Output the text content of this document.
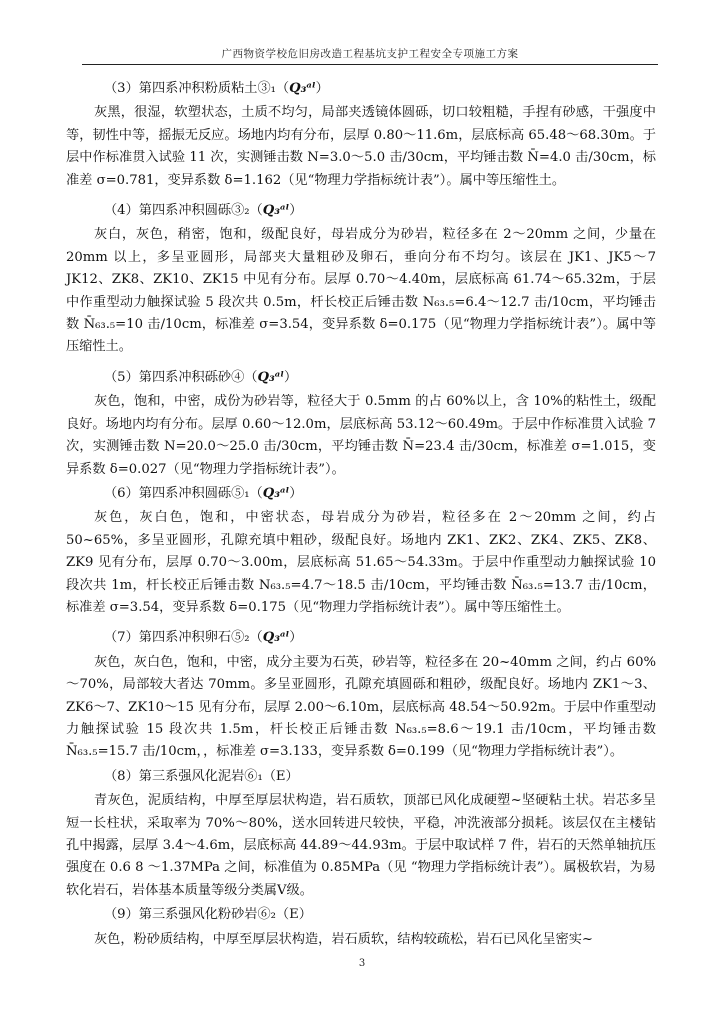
广西物资学校危旧房改造工程基坑支护工程安全专项施工方案

（3）第四系冲积粉质粘土③₁（Q₃ᵃˡ）

灰黑，很湿，软塑状态，土质不均匀，局部夹透镜体圆砾，切口较粗糙，手捏有砂感，干强度中等，韧性中等，摇振无反应。场地内均有分布，层厚 0.80～11.6m，层底标高 65.48～68.30m。于层中作标准贯入试验 11 次，实测锤击数 N=3.0～5.0 击/30cm，平均锤击数 N̄=4.0 击/30cm，标准差 σ=0.781，变异系数 δ=1.162（见“物理力学指标统计表”）。属中等压缩性土。

（4）第四系冲积圆砾③₂（Q₃ᵃˡ）

灰白，灰色，稍密，饱和，级配良好，母岩成分为砂岩，粒径多在 2～20mm 之间，少量在 20mm 以上，多呈亚圆形，局部夹大量粗砂及卵石，垂向分布不均匀。该层在 JK1、JK5～7 JK12、ZK8、ZK10、ZK15 中见有分布。层厚 0.70～4.40m，层底标高 61.74～65.32m，于层中作重型动力触探试验 5 段次共 0.5m，杆长校正后锤击数 N₆₃.₅=6.4～12.7 击/10cm，平均锤击数 N̄₆₃.₅=10 击/10cm，标准差 σ=3.54，变异系数 δ=0.175（见“物理力学指标统计表”）。属中等压缩性土。

（5）第四系冲积砾砂④（Q₃ᵃˡ）

灰色，饱和，中密，成份为砂岩等，粒径大于 0.5mm 的占 60%以上，含 10%的粘性土，级配良好。场地内均有分布。层厚 0.60～12.0m，层底标高 53.12～60.49m。于层中作标准贯入试验 7 次，实测锤击数 N=20.0～25.0 击/30cm，平均锤击数 N̄=23.4 击/30cm，标准差 σ=1.015，变异系数 δ=0.027（见“物理力学指标统计表”）。

（6）第四系冲积圆砾⑤₁（Q₃ᵃˡ）

灰色，灰白色，饱和，中密状态，母岩成分为砂岩，粒径多在 2～20mm 之间，约占 50~65%，多呈亚圆形，孔隙充填中粗砂，级配良好。场地内 ZK1、ZK2、ZK4、ZK5、ZK8、ZK9 见有分布，层厚 0.70～3.00m，层底标高 51.65～54.33m。于层中作重型动力触探试验 10 段次共 1m，杆长校正后锤击数 N₆₃.₅=4.7～18.5 击/10cm，平均锤击数 N̄₆₃.₅=13.7 击/10cm，标准差 σ=3.54，变异系数 δ=0.175（见“物理力学指标统计表”）。属中等压缩性土。

（7）第四系冲积卵石⑤₂（Q₃ᵃˡ）

灰色，灰白色，饱和，中密，成分主要为石英，砂岩等，粒径多在 20~40mm 之间，约占 60%～70%，局部较大者达 70mm。多呈亚圆形，孔隙充填圆砾和粗砂，级配良好。场地内 ZK1～3、ZK6～7、ZK10～15 见有分布，层厚 2.00～6.10m，层底标高 48.54～50.92m。于层中作重型动力触探试验 15 段次共 1.5m，杆长校正后锤击数 N₆₃.₅=8.6～19.1 击/10cm，平均锤击数 N̄₆₃.₅=15.7 击/10cm，，标准差 σ=3.133，变异系数 δ=0.199（见“物理力学指标统计表”）。

（8）第三系强风化泥岩⑥₁（E）

青灰色，泥质结构，中厚至厚层状构造，岩石质软，顶部已风化成硬塑~坚硬粘土状。岩芯多呈短一长柱状，采取率为 70%～80%，送水回转进尺较快，平稳，冲洗液部分损耗。该层仅在主楼钻孔中揭露，层厚 3.4～4.6m，层底标高 44.89～44.93m。于层中取试样 7 件，岩石的天然单轴抗压强度在 0.6 8 ～1.37MPa 之间，标准值为 0.85MPa（见 “物理力学指标统计表”）。属极软岩，为易软化岩石，岩体基本质量等级分类属Ⅴ级。

（9）第三系强风化粉砂岩⑥₂（E）

灰色，粉砂质结构，中厚至厚层状构造，岩石质软，结构较疏松，岩石已风化呈密实~

3
